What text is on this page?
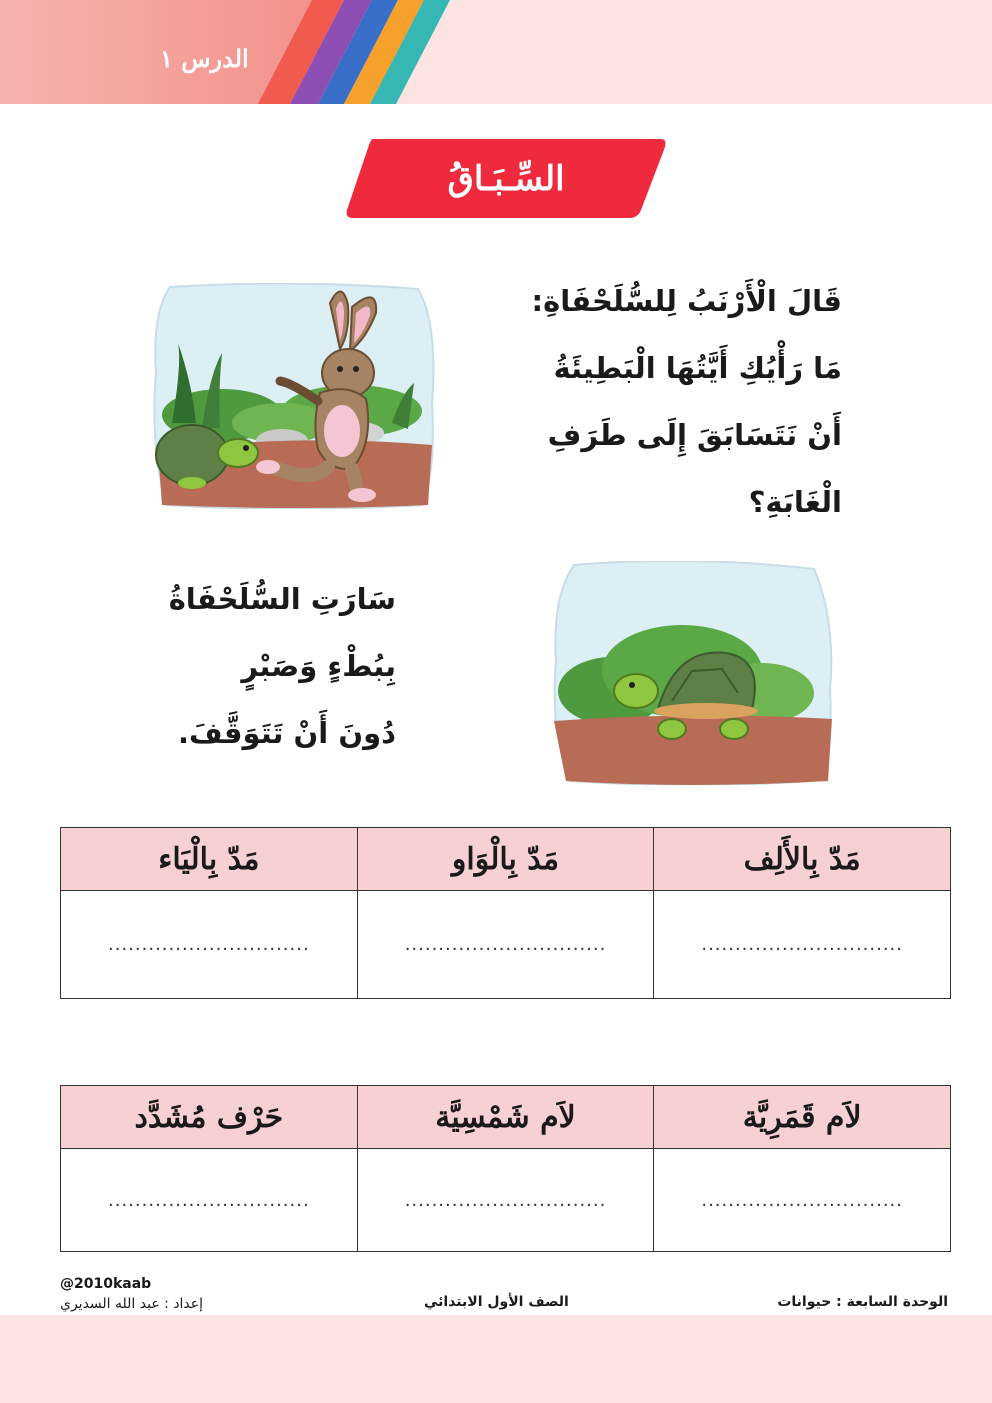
الدرس ١
السِّـبَـاقُ
قَالَ الْأَرْنَبُ لِلسُّلَحْفَاةِ:
مَا رَأْيُكِ أَيَّتُهَا الْبَطِيئَةُ
أَنْ نَتَسَابَقَ إِلَى طَرَفِ
الْغَابَةِ؟
سَارَتِ السُّلَحْفَاةُ
بِبُطْءٍ وَصَبْرٍ
دُونَ أَنْ تَتَوَقَّفَ.
مَدّ بِالأَلِف	مَدّ بِالْوَاو	مَدّ بِالْيَاء
..............................	..............................	..............................
لاَم قَمَرِيَّة	لاَم شَمْسِيَّة	حَرْف مُشَدَّد
..............................	..............................	..............................
الوحدة السابعة : حيوانات
الصف الأول الابتدائي
@2010kaab
إعداد : عبد الله السديري
